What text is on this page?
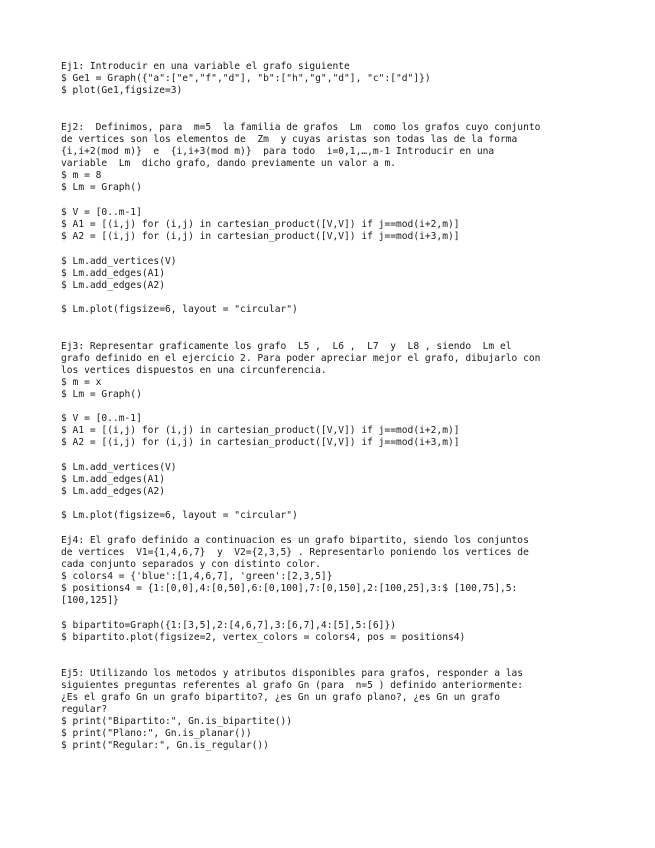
Ej1: Introducir en una variable el grafo siguiente
$ Ge1 = Graph({"a":["e","f","d"], "b":["h","g","d"], "c":["d"]})
$ plot(Ge1,figsize=3)
Ej2:  Definimos, para  m=5  la familia de grafos  Lm  como los grafos cuyo conjunto
de vertices son los elementos de  Zm  y cuyas aristas son todas las de la forma
{i,i+2(mod m)}  e  {i,i+3(mod m)}  para todo  i=0,1,…,m-1 Introducir en una
variable  Lm  dicho grafo, dando previamente un valor a m.
$ m = 8
$ Lm = Graph()
$ V = [0..m-1]
$ A1 = [(i,j) for (i,j) in cartesian_product([V,V]) if j==mod(i+2,m)]
$ A2 = [(i,j) for (i,j) in cartesian_product([V,V]) if j==mod(i+3,m)]
$ Lm.add_vertices(V)
$ Lm.add_edges(A1)
$ Lm.add_edges(A2)
$ Lm.plot(figsize=6, layout = "circular")
Ej3: Representar graficamente los grafo  L5 ,  L6 ,  L7  y  L8 , siendo  Lm el
grafo definido en el ejercicio 2. Para poder apreciar mejor el grafo, dibujarlo con
los vertices dispuestos en una circunferencia.
$ m = x
$ Lm = Graph()
$ V = [0..m-1]
$ A1 = [(i,j) for (i,j) in cartesian_product([V,V]) if j==mod(i+2,m)]
$ A2 = [(i,j) for (i,j) in cartesian_product([V,V]) if j==mod(i+3,m)]
$ Lm.add_vertices(V)
$ Lm.add_edges(A1)
$ Lm.add_edges(A2)
$ Lm.plot(figsize=6, layout = "circular")
Ej4: El grafo definido a continuacion es un grafo bipartito, siendo los conjuntos
de vertices  V1={1,4,6,7}  y  V2={2,3,5} . Representarlo poniendo los vertices de
cada conjunto separados y con distinto color.
$ colors4 = {'blue':[1,4,6,7], 'green':[2,3,5]}
$ positions4 = {1:[0,0],4:[0,50],6:[0,100],7:[0,150],2:[100,25],3:$ [100,75],5:
[100,125]}
$ bipartito=Graph({1:[3,5],2:[4,6,7],3:[6,7],4:[5],5:[6]})
$ bipartito.plot(figsize=2, vertex_colors = colors4, pos = positions4)
Ej5: Utilizando los metodos y atributos disponibles para grafos, responder a las
siguientes preguntas referentes al grafo Gn (para  n=5 ) definido anteriormente:
¿Es el grafo Gn un grafo bipartito?, ¿es Gn un grafo plano?, ¿es Gn un grafo
regular?
$ print("Bipartito:", Gn.is_bipartite())
$ print("Plano:", Gn.is_planar())
$ print("Regular:", Gn.is_regular())
